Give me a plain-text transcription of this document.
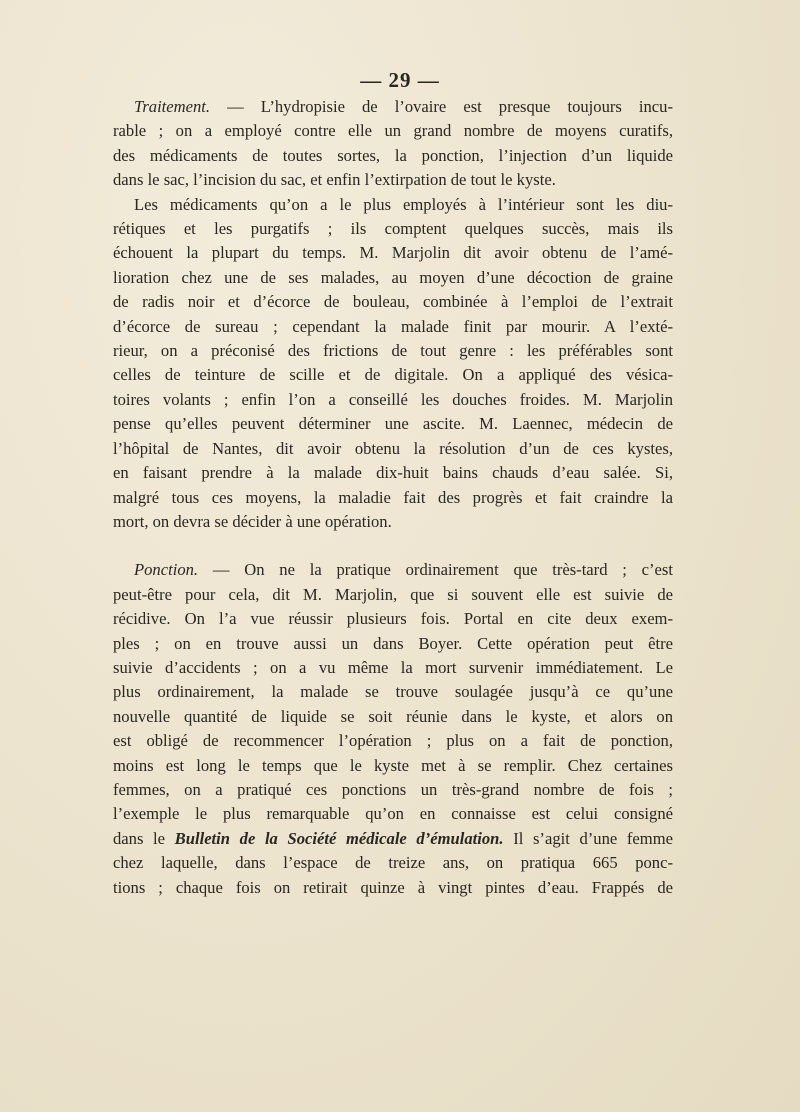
— 29 —
Traitement. — L’hydropisie de l’ovaire est presque toujours incu-
rable ; on a employé contre elle un grand nombre de moyens curatifs,
des médicaments de toutes sortes, la ponction, l’injection d’un liquide
dans le sac, l’incision du sac, et enfin l’extirpation de tout le kyste.
Les médicaments qu’on a le plus employés à l’intérieur sont les diu-
rétiques et les purgatifs ; ils comptent quelques succès, mais ils
échouent la plupart du temps. M. Marjolin dit avoir obtenu de l’amé-
lioration chez une de ses malades, au moyen d’une décoction de graine
de radis noir et d’écorce de bouleau, combinée à l’emploi de l’extrait
d’écorce de sureau ; cependant la malade finit par mourir. A l’exté-
rieur, on a préconisé des frictions de tout genre : les préférables sont
celles de teinture de scille et de digitale. On a appliqué des vésica-
toires volants ; enfin l’on a conseillé les douches froides. M. Marjolin
pense qu’elles peuvent déterminer une ascite. M. Laennec, médecin de
l’hôpital de Nantes, dit avoir obtenu la résolution d’un de ces kystes,
en faisant prendre à la malade dix-huit bains chauds d’eau salée. Si,
malgré tous ces moyens, la maladie fait des progrès et fait craindre la
mort, on devra se décider à une opération.
Ponction. — On ne la pratique ordinairement que très-tard ; c’est
peut-être pour cela, dit M. Marjolin, que si souvent elle est suivie de
récidive. On l’a vue réussir plusieurs fois. Portal en cite deux exem-
ples ; on en trouve aussi un dans Boyer. Cette opération peut être
suivie d’accidents ; on a vu même la mort survenir immédiatement. Le
plus ordinairement, la malade se trouve soulagée jusqu’à ce qu’une
nouvelle quantité de liquide se soit réunie dans le kyste, et alors on
est obligé de recommencer l’opération ; plus on a fait de ponction,
moins est long le temps que le kyste met à se remplir. Chez certaines
femmes, on a pratiqué ces ponctions un très-grand nombre de fois ;
l’exemple le plus remarquable qu’on en connaisse est celui consigné
dans le Bulletin de la Société médicale d’émulation. Il s’agit d’une femme
chez laquelle, dans l’espace de treize ans, on pratiqua 665 ponc-
tions ; chaque fois on retirait quinze à vingt pintes d’eau. Frappés de
